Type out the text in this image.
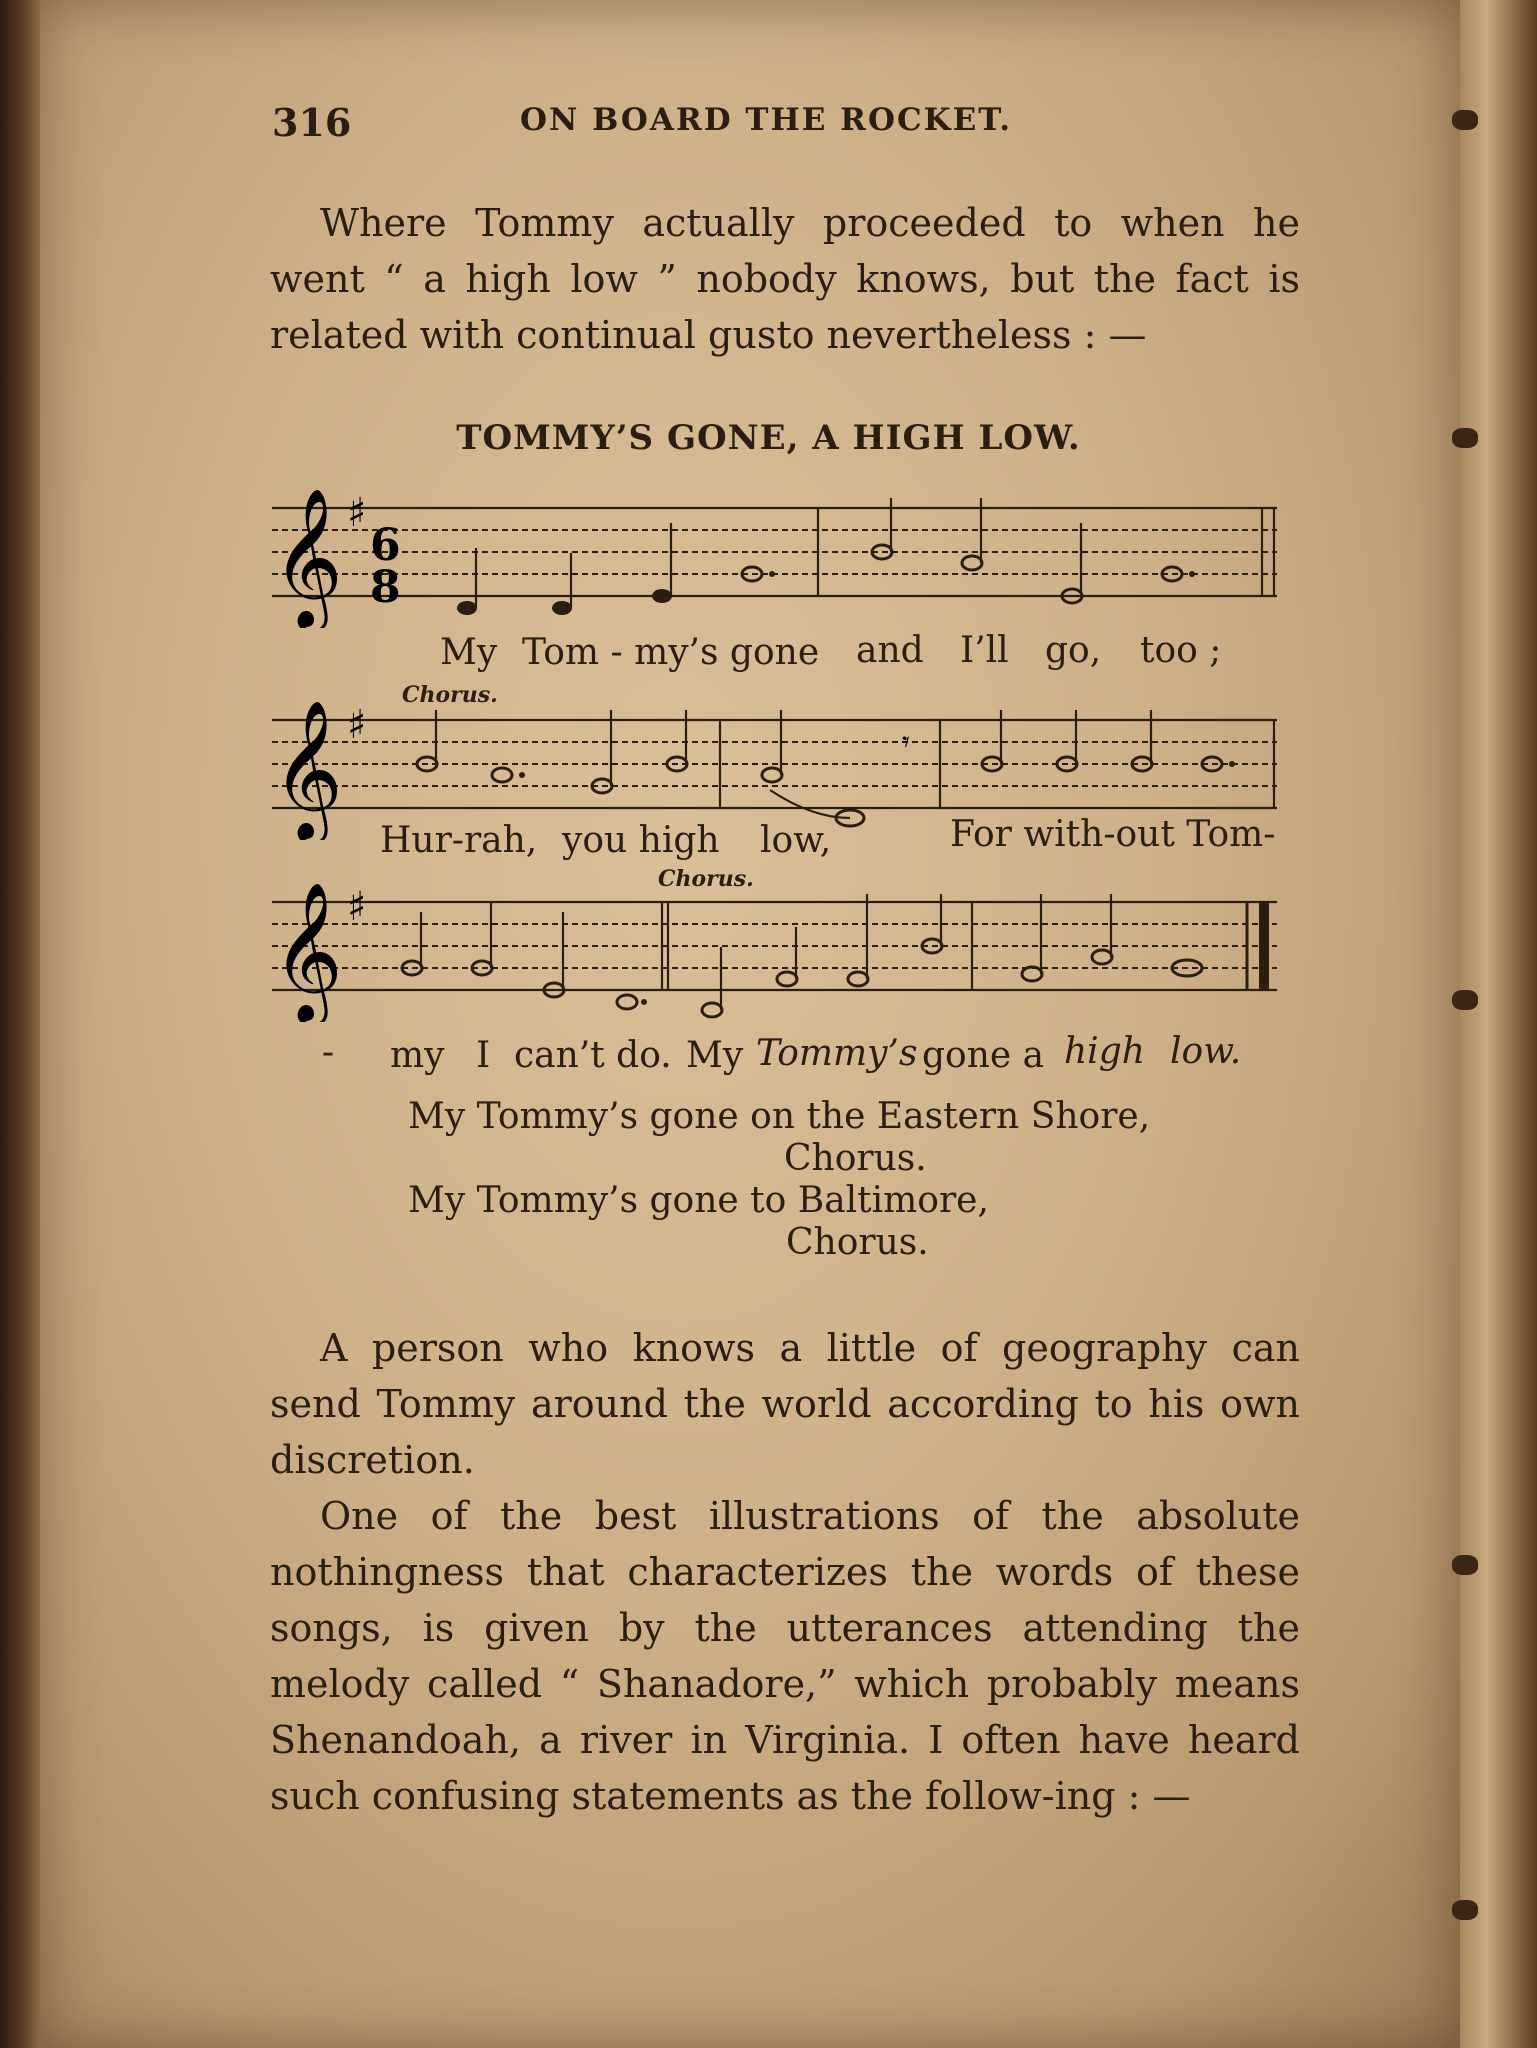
316	ON BOARD THE ROCKET.

Where Tommy actually proceeded to when he went “ a high low ” nobody knows, but the fact is related with continual gusto nevertheless : —

TOMMY’S GONE, A HIGH LOW.
𝄞 ♯
6
8
My Tom - my’s gone and I’ll go, too ;
Chorus.
𝄞 ♯	𝄾
Hur-rah, you high low,	For with-out Tom-
Chorus.
𝄞 ♯
- my I can’t do. My Tommy’s gone a high low.
My Tommy’s gone on the Eastern Shore,
Chorus.
My Tommy’s gone to Baltimore,
Chorus.

A person who knows a little of geography can send Tommy around the world according to his own discretion.

One of the best illustrations of the absolute nothingness that characterizes the words of these songs, is given by the utterances attending the melody called “ Shanadore,” which probably means Shenandoah, a river in Virginia. I often have heard such confusing statements as the follow-ing : —
